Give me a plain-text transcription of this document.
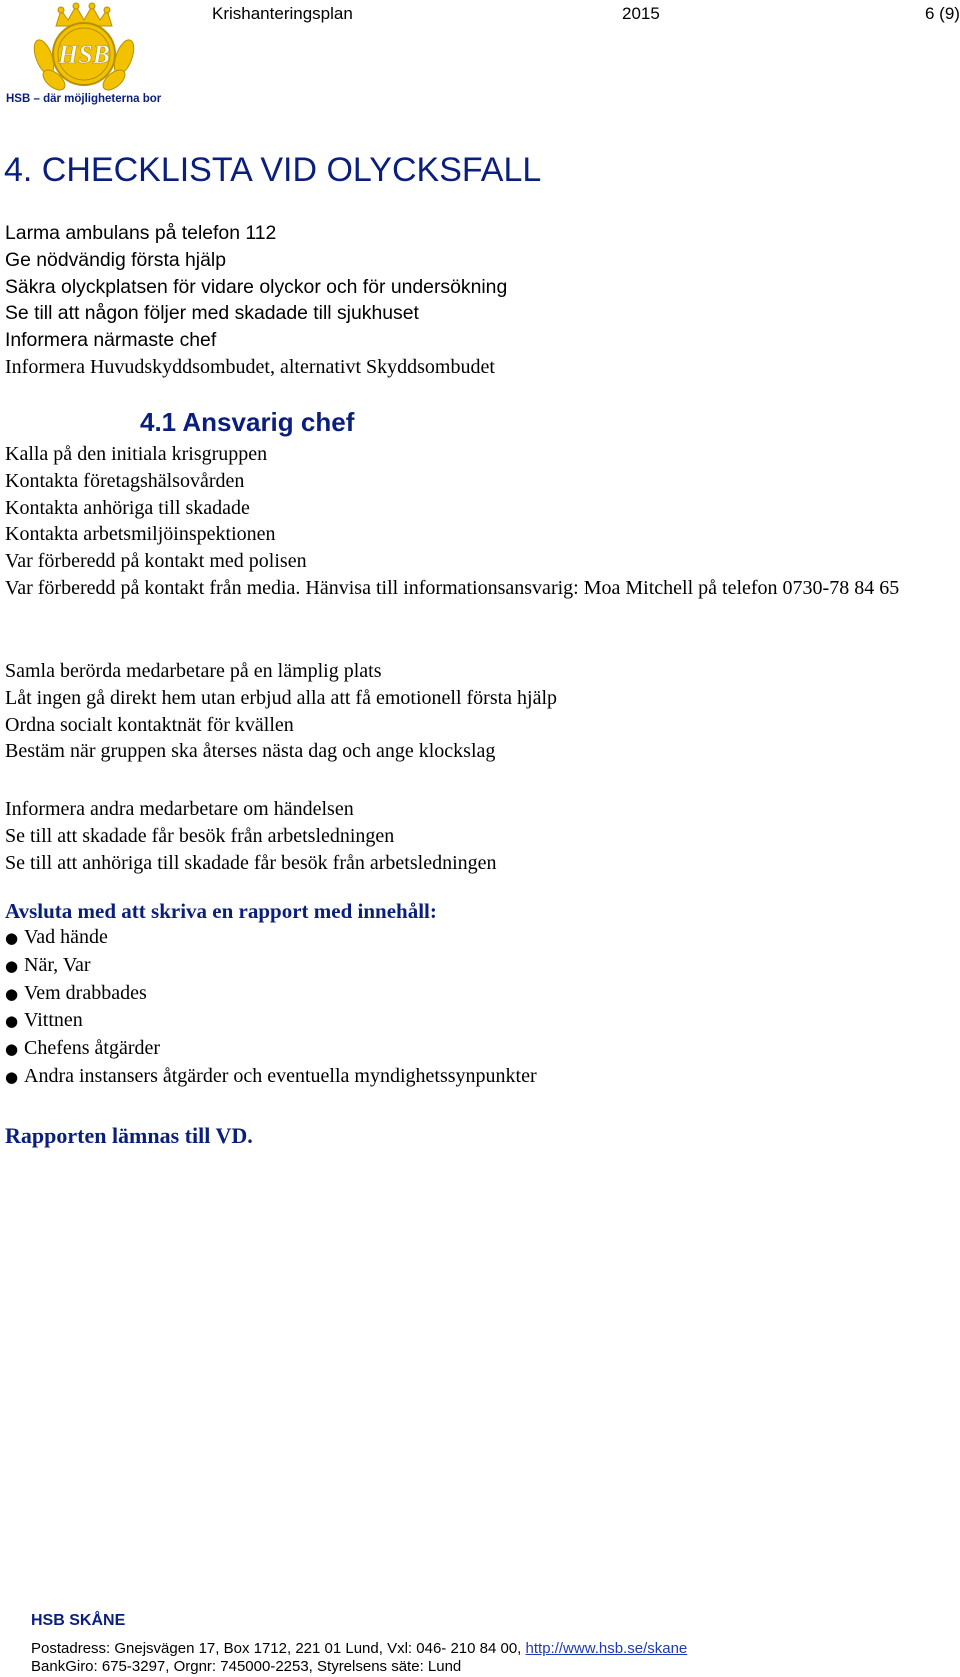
HSB
HSB – där möjligheterna bor
Krishanteringsplan	2015	6 (9)
4. CHECKLISTA VID OLYCKSFALL
Larma ambulans på telefon 112
Ge nödvändig första hjälp
Säkra olyckplatsen för vidare olyckor och för undersökning
Se till att någon följer med skadade till sjukhuset
Informera närmaste chef
Informera Huvudskyddsombudet, alternativt Skyddsombudet
4.1 Ansvarig chef
Kalla på den initiala krisgruppen
Kontakta företagshälsovården
Kontakta anhöriga till skadade
Kontakta arbetsmiljöinspektionen
Var förberedd på kontakt med polisen
Var förberedd på kontakt från media. Hänvisa till informationsansvarig: Moa Mitchell på telefon 0730-78 84 65
Samla berörda medarbetare på en lämplig plats
Låt ingen gå direkt hem utan erbjud alla att få emotionell första hjälp
Ordna socialt kontaktnät för kvällen
Bestäm när gruppen ska återses nästa dag och ange klockslag
Informera andra medarbetare om händelsen
Se till att skadade får besök från arbetsledningen
Se till att anhöriga till skadade får besök från arbetsledningen

Avsluta med att skriva en rapport med innehåll:

● Vad hände
● När, Var
● Vem drabbades
● Vittnen
● Chefens åtgärder
● Andra instansers åtgärder och eventuella myndighetssynpunkter

Rapporten lämnas till VD.

HSB SKÅNE
Postadress: Gnejsvägen 17, Box 1712, 221 01 Lund, Vxl: 046- 210 84 00, http://www.hsb.se/skane
BankGiro: 675-3297, Orgnr: 745000-2253, Styrelsens säte: Lund
